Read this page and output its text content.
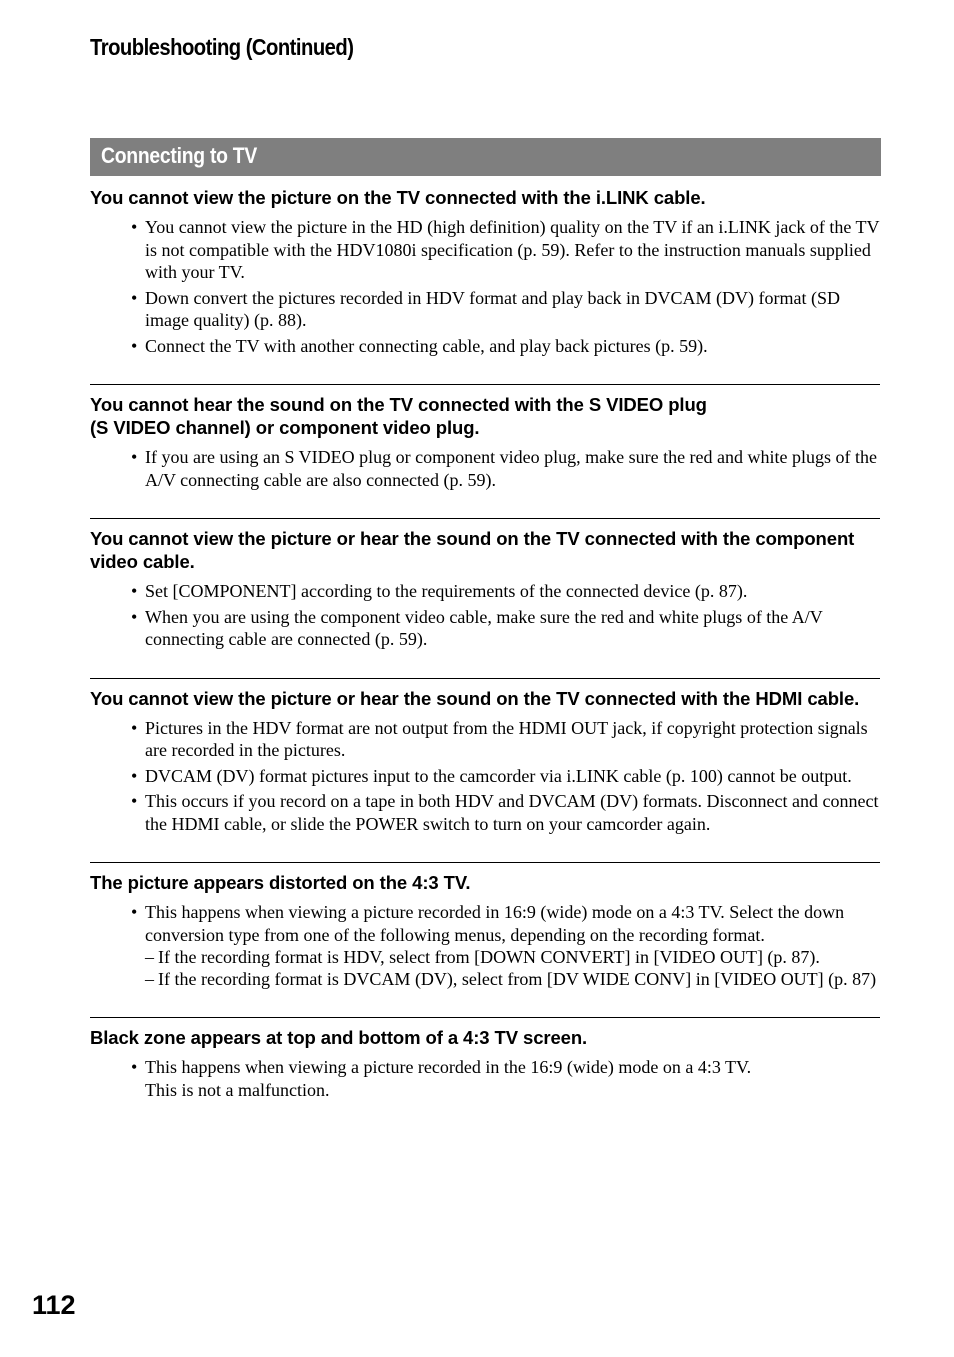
Troubleshooting (Continued)
Connecting to TV
You cannot view the picture on the TV connected with the i.LINK cable.
• You cannot view the picture in the HD (high definition) quality on the TV if an i.LINK jack of the TV is not compatible with the HDV1080i specification (p. 59). Refer to the instruction manuals supplied with your TV.
• Down convert the pictures recorded in HDV format and play back in DVCAM (DV) format (SD image quality) (p. 88).
• Connect the TV with another connecting cable, and play back pictures (p. 59).
You cannot hear the sound on the TV connected with the S VIDEO plug
(S VIDEO channel) or component video plug.
• If you are using an S VIDEO plug or component video plug, make sure the red and white plugs of the A/V connecting cable are also connected (p. 59).
You cannot view the picture or hear the sound on the TV connected with the component video cable.
• Set [COMPONENT] according to the requirements of the connected device (p. 87).
• When you are using the component video cable, make sure the red and white plugs of the A/V connecting cable are connected (p. 59).
You cannot view the picture or hear the sound on the TV connected with the HDMI cable.
• Pictures in the HDV format are not output from the HDMI OUT jack, if copyright protection signals are recorded in the pictures.
• DVCAM (DV) format pictures input to the camcorder via i.LINK cable (p. 100) cannot be output.
• This occurs if you record on a tape in both HDV and DVCAM (DV) formats. Disconnect and connect the HDMI cable, or slide the POWER switch to turn on your camcorder again.
The picture appears distorted on the 4:3 TV.
• This happens when viewing a picture recorded in 16:9 (wide) mode on a 4:3 TV. Select the down conversion type from one of the following menus, depending on the recording format.
– If the recording format is HDV, select from [DOWN CONVERT] in [VIDEO OUT] (p. 87).
– If the recording format is DVCAM (DV), select from [DV WIDE CONV] in [VIDEO OUT] (p. 87)
Black zone appears at top and bottom of a 4:3 TV screen.
• This happens when viewing a picture recorded in the 16:9 (wide) mode on a 4:3 TV.
This is not a malfunction.
112
